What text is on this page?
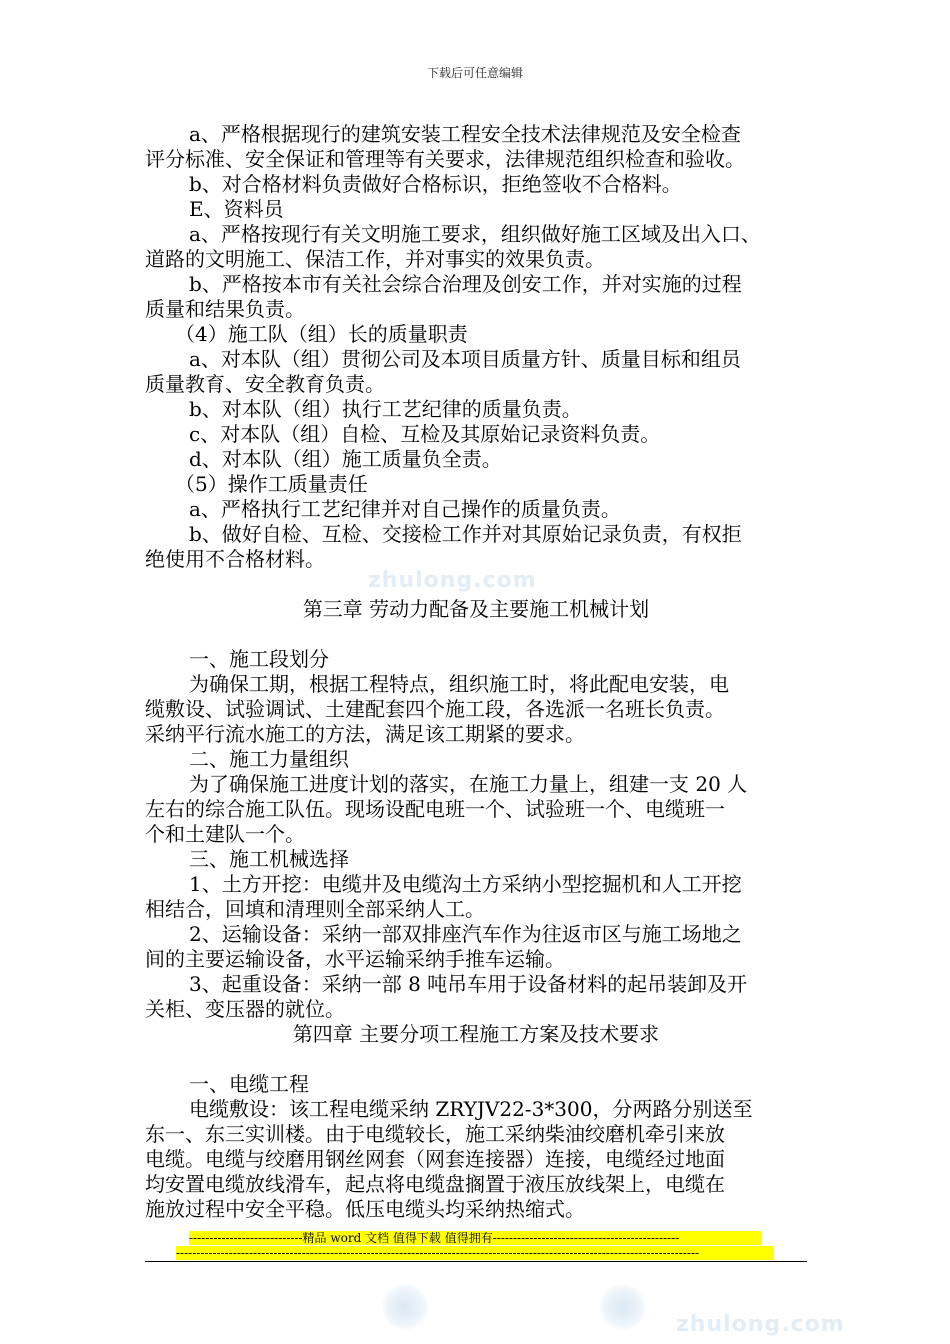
zhulong.com
zhulong.com
下载后可任意编辑

a、严格根据现行的建筑安装工程安全技术法律规范及安全检查

评分标准、安全保证和管理等有关要求，法律规范组织检查和验收。

b、对合格材料负责做好合格标识，拒绝签收不合格料。

E、资料员

a、严格按现行有关文明施工要求，组织做好施工区域及出入口、

道路的文明施工、保洁工作，并对事实的效果负责。

b、严格按本市有关社会综合治理及创安工作，并对实施的过程

质量和结果负责。

（4）施工队（组）长的质量职责

a、对本队（组）贯彻公司及本项目质量方针、质量目标和组员

质量教育、安全教育负责。

b、对本队（组）执行工艺纪律的质量负责。

c、对本队（组）自检、互检及其原始记录资料负责。

d、对本队（组）施工质量负全责。

（5）操作工质量责任

a、严格执行工艺纪律并对自己操作的质量负责。

b、做好自检、互检、交接检工作并对其原始记录负责，有权拒

绝使用不合格材料。

第三章 劳动力配备及主要施工机械计划

一、施工段划分

为确保工期，根据工程特点，组织施工时，将此配电安装，电

缆敷设、试验调试、土建配套四个施工段，各选派一名班长负责。

采纳平行流水施工的方法，满足该工期紧的要求。

二、施工力量组织

为了确保施工进度计划的落实，在施工力量上，组建一支 20 人

左右的综合施工队伍。现场设配电班一个、试验班一个、电缆班一

个和土建队一个。

三、施工机械选择

1、土方开挖：电缆井及电缆沟土方采纳小型挖掘机和人工开挖

相结合，回填和清理则全部采纳人工。

2、运输设备：采纳一部双排座汽车作为往返市区与施工场地之

间的主要运输设备，水平运输采纳手推车运输。

3、起重设备：采纳一部 8 吨吊车用于设备材料的起吊装卸及开

关柜、变压器的就位。

第四章 主要分项工程施工方案及技术要求

一、电缆工程

电缆敷设：该工程电缆采纳 ZRYJV22-3*300，分两路分别送至

东一、东三实训楼。由于电缆较长，施工采纳柴油绞磨机牵引来放

电缆。电缆与绞磨用钢丝网套（网套连接器）连接，电缆经过地面

均安置电缆放线滑车，起点将电缆盘搁置于液压放线架上，电缆在

施放过程中安全平稳。低压电缆头均采纳热缩式。

----------------------------精品 word 文档 值得下载 值得拥有----------------------------------------------
---------------------------------------------------------------------------------------------------------------------------------
